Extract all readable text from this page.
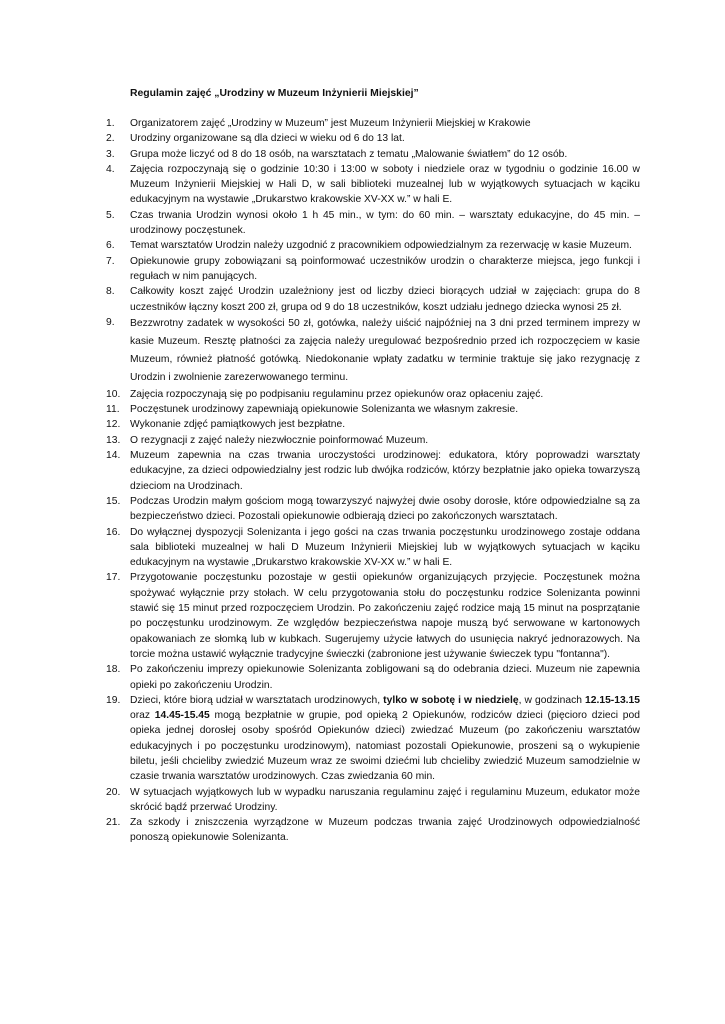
Regulamin zajęć „Urodziny w Muzeum Inżynierii Miejskiej”
1. Organizatorem zajęć „Urodziny w Muzeum” jest Muzeum Inżynierii Miejskiej w Krakowie
2. Urodziny organizowane są dla dzieci w wieku od 6 do 13 lat.
3. Grupa może liczyć od 8 do 18 osób, na warsztatach z tematu „Malowanie światłem” do 12 osób.
4. Zajęcia rozpoczynają się o godzinie 10:30 i 13:00 w soboty i niedziele oraz w tygodniu o godzinie 16.00 w Muzeum Inżynierii Miejskiej w Hali D, w sali biblioteki muzealnej lub w wyjątkowych sytuacjach w kąciku edukacyjnym na wystawie „Drukarstwo krakowskie XV-XX w.” w hali E.
5. Czas trwania Urodzin wynosi około 1 h 45 min., w tym: do 60 min. – warsztaty edukacyjne, do 45 min. – urodzinowy poczęstunek.
6. Temat warsztatów Urodzin należy uzgodnić z pracownikiem odpowiedzialnym za rezerwację w kasie Muzeum.
7. Opiekunowie grupy zobowiązani są poinformować uczestników urodzin o charakterze miejsca, jego funkcji i regułach w nim panujących.
8. Całkowity koszt zajęć Urodzin uzależniony jest od liczby dzieci biorących udział w zajęciach: grupa do 8 uczestników łączny koszt 200 zł, grupa od 9 do 18 uczestników, koszt udziału jednego dziecka wynosi 25 zł.
9. Bezzwrotny zadatek w wysokości 50 zł, gotówka, należy uiścić najpóźniej na 3 dni przed terminem imprezy w kasie Muzeum. Resztę płatności za zajęcia należy uregulować bezpośrednio przed ich rozpoczęciem w kasie Muzeum, również płatność gotówką. Niedokonanie wpłaty zadatku w terminie traktuje się jako rezygnację z Urodzin i zwolnienie zarezerwowanego terminu.
10. Zajęcia rozpoczynają się po podpisaniu regulaminu przez opiekunów oraz opłaceniu zajęć.
11. Poczęstunek urodzinowy zapewniają opiekunowie Solenizanta we własnym zakresie.
12. Wykonanie zdjęć pamiątkowych jest bezpłatne.
13. O rezygnacji z zajęć należy niezwłocznie poinformować Muzeum.
14. Muzeum zapewnia na czas trwania uroczystości urodzinowej: edukatora, który poprowadzi warsztaty edukacyjne, za dzieci odpowiedzialny jest rodzic lub dwójka rodziców, którzy bezpłatnie jako opieka towarzyszą dzieciom na Urodzinach.
15. Podczas Urodzin małym gościom mogą towarzyszyć najwyżej dwie osoby dorosłe, które odpowiedzialne są za bezpieczeństwo dzieci. Pozostali opiekunowie odbierają dzieci po zakończonych warsztatach.
16. Do wyłącznej dyspozycji Solenizanta i jego gości na czas trwania poczęstunku urodzinowego zostaje oddana sala biblioteki muzealnej w hali D Muzeum Inżynierii Miejskiej lub w wyjątkowych sytuacjach w kąciku edukacyjnym na wystawie „Drukarstwo krakowskie XV-XX w.” w hali E.
17. Przygotowanie poczęstunku pozostaje w gestii opiekunów organizujących przyjęcie. Poczęstunek można spożywać wyłącznie przy stołach. W celu przygotowania stołu do poczęstunku rodzice Solenizanta powinni stawić się 15 minut przed rozpoczęciem Urodzin. Po zakończeniu zajęć rodzice mają 15 minut na posprzątanie po poczęstunku urodzinowym. Ze względów bezpieczeństwa napoje muszą być serwowane w kartonowych opakowaniach ze słomką lub w kubkach. Sugerujemy użycie łatwych do usunięcia nakryć jednorazowych. Na torcie można ustawić wyłącznie tradycyjne świeczki (zabronione jest używanie świeczek typu "fontanna").
18. Po zakończeniu imprezy opiekunowie Solenizanta zobligowani są do odebrania dzieci. Muzeum nie zapewnia opieki po zakończeniu Urodzin.
19. Dzieci, które biorą udział w warsztatach urodzinowych, tylko w sobotę i w niedzielę, w godzinach 12.15-13.15 oraz 14.45-15.45 mogą bezpłatnie w grupie, pod opieką 2 Opiekunów, rodziców dzieci (pięcioro dzieci pod opieka jednej dorosłej osoby spośród Opiekunów dzieci) zwiedzać Muzeum (po zakończeniu warsztatów edukacyjnych i po poczęstunku urodzinowym), natomiast pozostali Opiekunowie, proszeni są o wykupienie biletu, jeśli chcieliby zwiedzić Muzeum wraz ze swoimi dziećmi lub chcieliby zwiedzić Muzeum samodzielnie w czasie trwania warsztatów urodzinowych. Czas zwiedzania 60 min.
20. W sytuacjach wyjątkowych lub w wypadku naruszania regulaminu zajęć i regulaminu Muzeum, edukator może skrócić bądź przerwać Urodziny.
21. Za szkody i zniszczenia wyrządzone w Muzeum podczas trwania zajęć Urodzinowych odpowiedzialność ponoszą opiekunowie Solenizanta.
